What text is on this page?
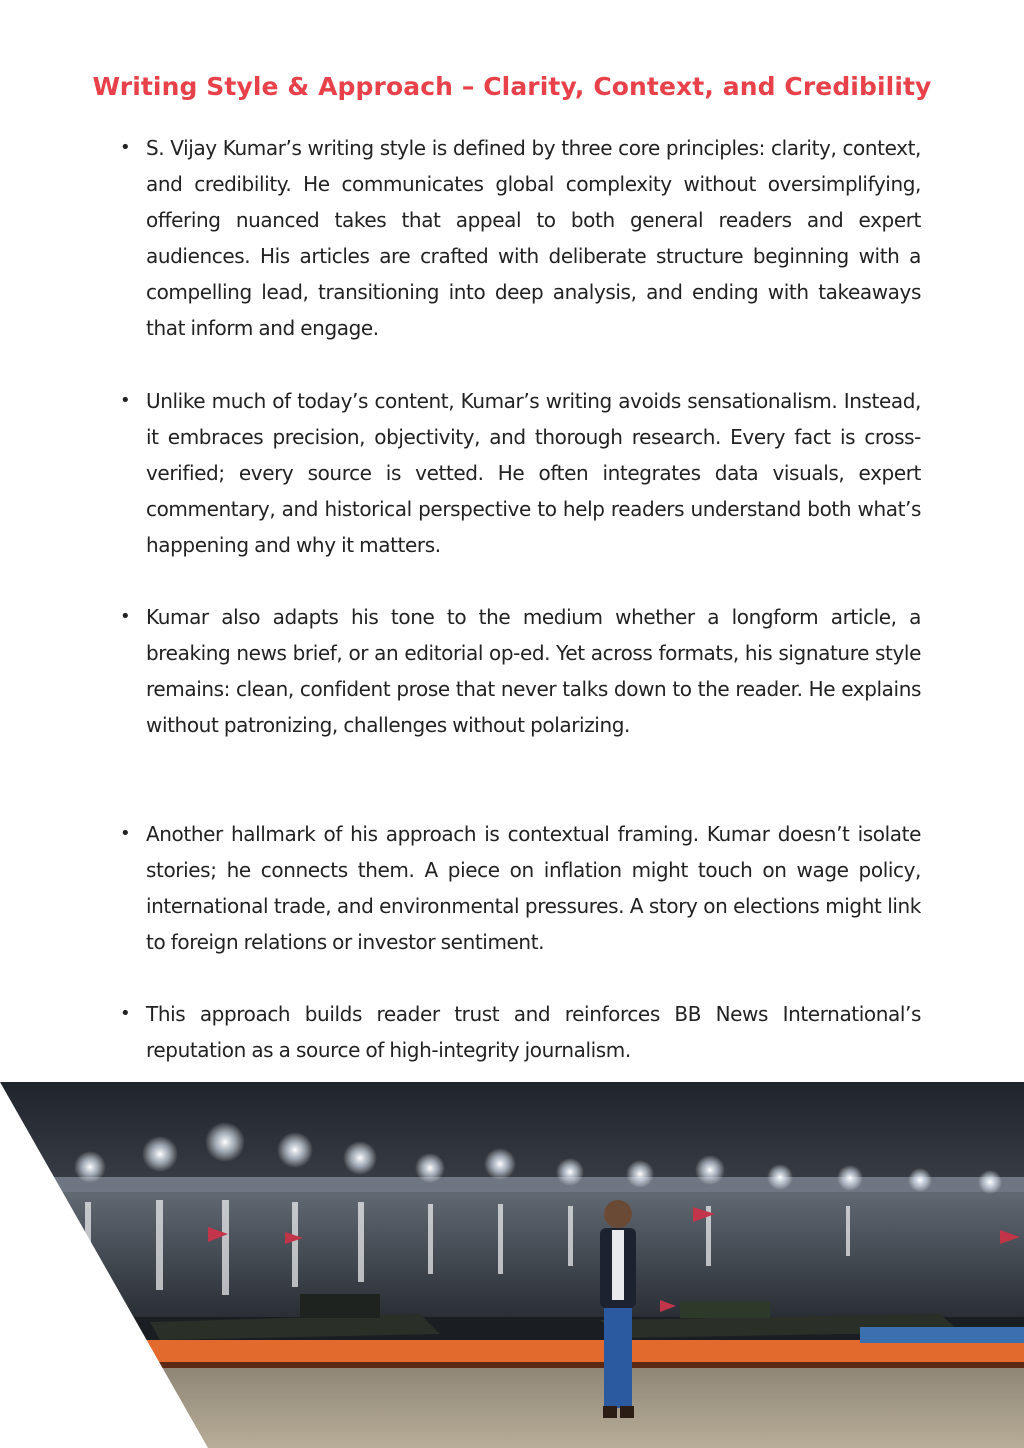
Writing Style & Approach – Clarity, Context, and Credibility
• S. Vijay Kumar’s writing style is defined by three core principles: clarity, context, and credibility. He communicates global complexity without oversimplifying, offering nuanced takes that appeal to both general readers and expert audiences. His articles are crafted with deliberate structure beginning with a compelling lead, transitioning into deep analysis, and ending with takeaways that inform and engage.
• Unlike much of today’s content, Kumar’s writing avoids sensationalism. Instead, it embraces precision, objectivity, and thorough research. Every fact is cross-verified; every source is vetted. He often integrates data visuals, expert commentary, and historical perspective to help readers understand both what’s happening and why it matters.
• Kumar also adapts his tone to the medium whether a longform article, a breaking news brief, or an editorial op-ed. Yet across formats, his signature style remains: clean, confident prose that never talks down to the reader. He explains without patronizing, challenges without polarizing.
• Another hallmark of his approach is contextual framing. Kumar doesn’t isolate stories; he connects them. A piece on inflation might touch on wage policy, international trade, and environmental pressures. A story on elections might link to foreign relations or investor sentiment.
• This approach builds reader trust and reinforces BB News International’s reputation as a source of high-integrity journalism.
